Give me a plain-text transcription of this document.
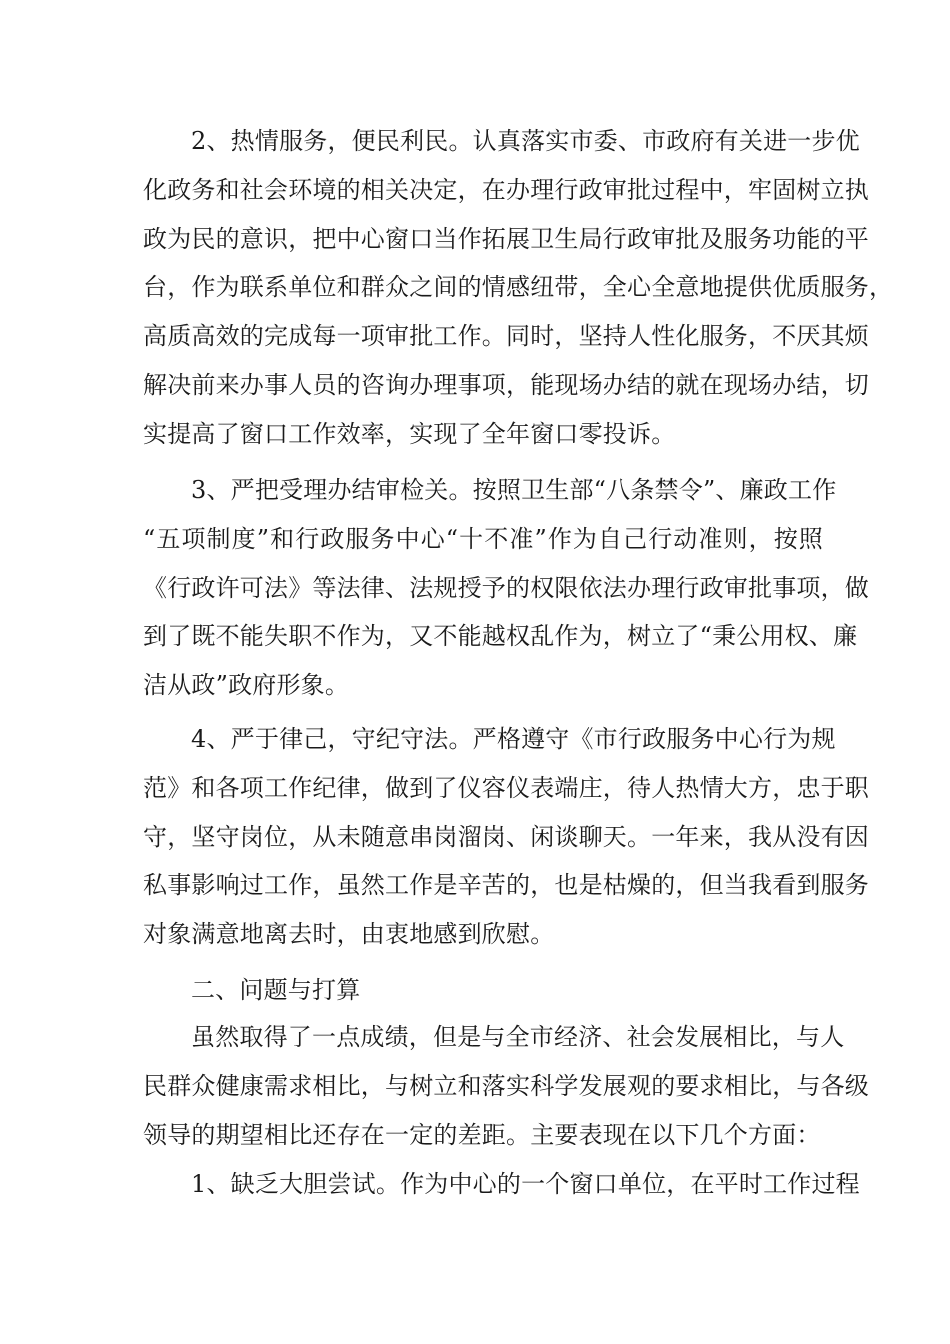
2、热情服务，便民利民。认真落实市委、市政府有关进一步优
化政务和社会环境的相关决定，在办理行政审批过程中，牢固树立执
政为民的意识，把中心窗口当作拓展卫生局行政审批及服务功能的平
台，作为联系单位和群众之间的情感纽带，全心全意地提供优质服务，
高质高效的完成每一项审批工作。同时，坚持人性化服务，不厌其烦
解决前来办事人员的咨询办理事项，能现场办结的就在现场办结，切
实提高了窗口工作效率，实现了全年窗口零投诉。
3、严把受理办结审检关。按照卫生部“八条禁令”、廉政工作
“五项制度”和行政服务中心“十不准”作为自己行动准则，按照
《行政许可法》等法律、法规授予的权限依法办理行政审批事项，做
到了既不能失职不作为，又不能越权乱作为，树立了“秉公用权、廉
洁从政”政府形象。
4、严于律己，守纪守法。严格遵守《市行政服务中心行为规
范》和各项工作纪律，做到了仪容仪表端庄，待人热情大方，忠于职
守，坚守岗位，从未随意串岗溜岗、闲谈聊天。一年来，我从没有因
私事影响过工作，虽然工作是辛苦的，也是枯燥的，但当我看到服务
对象满意地离去时，由衷地感到欣慰。
二、问题与打算
虽然取得了一点成绩，但是与全市经济、社会发展相比，与人
民群众健康需求相比，与树立和落实科学发展观的要求相比，与各级
领导的期望相比还存在一定的差距。主要表现在以下几个方面：
1、缺乏大胆尝试。作为中心的一个窗口单位，在平时工作过程
